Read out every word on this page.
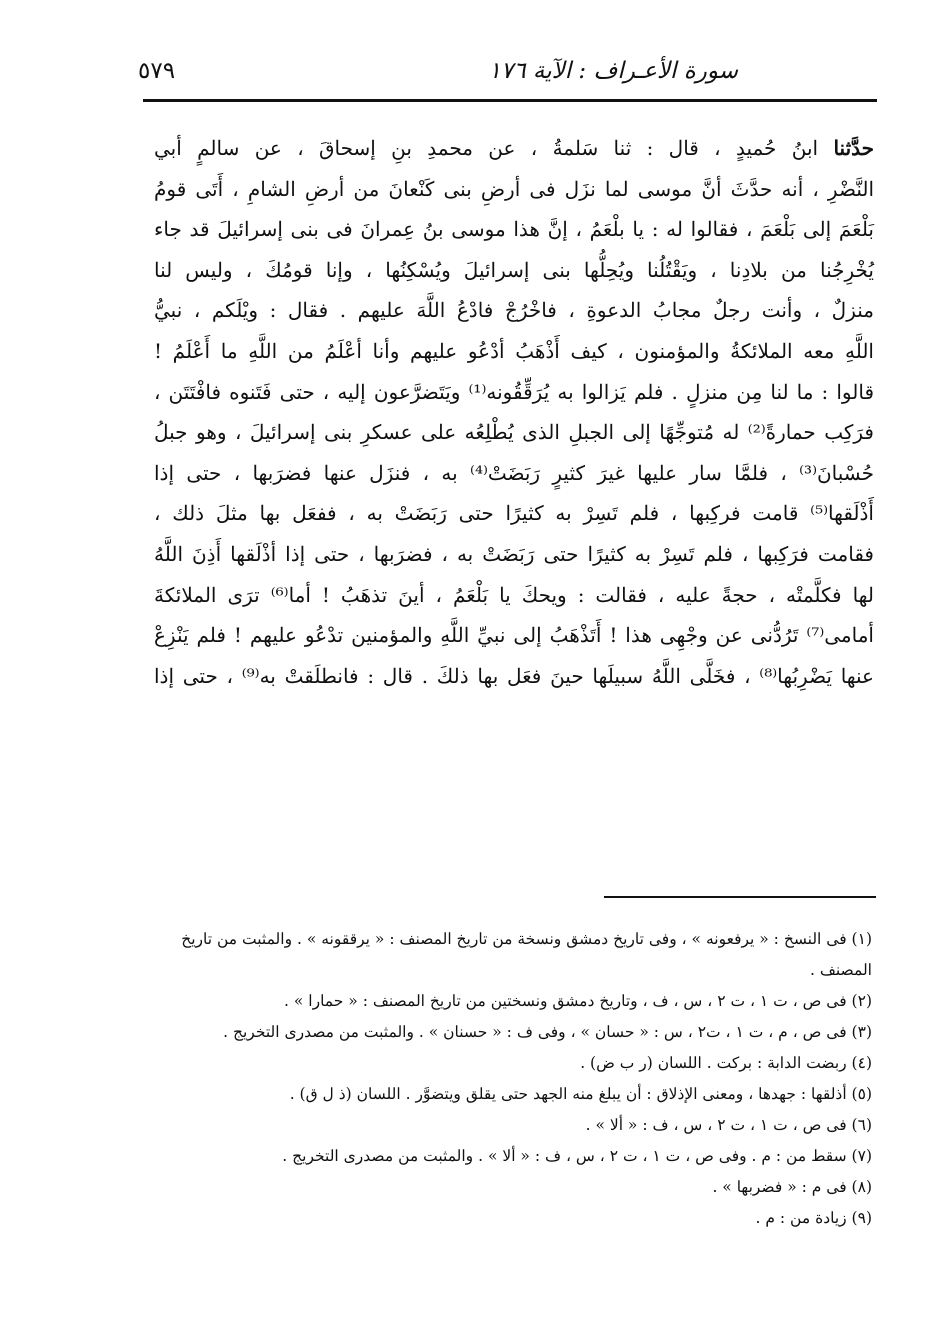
سورة الأعـراف : الآية ١٧٦
٥٧٩
حدَّثنا ابنُ حُميدٍ ، قال : ثنا سَلمةُ ، عن محمدِ بنِ إسحاقَ ، عن سالمٍ أبي
النَّضْرِ ، أنه حدَّثَ أنَّ موسى لما نزَل فى أرضِ بنى كَنْعانَ من أرضِ الشامِ ، أَتَى قومُ
بَلْعَمَ إلى بَلْعَمَ ، فقالوا له : يا بلْعَمُ ، إنَّ هذا موسى بنُ عِمرانَ فى بنى إسرائيلَ قد جاء
يُخْرِجُنا من بلادِنا ، ويَقْتُلُنا ويُحِلُّها بنى إسرائيلَ ويُسْكِنُها ، وإنا قومُكَ ، وليس لنا
منزلٌ ، وأنت رجلٌ مجابُ الدعوةِ ، فاخْرُجْ فادْعُ اللَّهَ عليهم . فقال : ويْلَكم ، نبيُّ
اللَّهِ معه الملائكةُ والمؤمنون ، كيف أَذْهَبُ أدْعُو عليهم وأنا أعْلَمُ من اللَّهِ ما أَعْلَمُ !
قالوا : ما لنا مِن منزلٍ . فلم يَزالوا به يُرَقِّقُونه⁽¹⁾ ويَتَضرَّعون إليه ، حتى فَتَنوه فافْتَتَن ،
فرَكِب حمارةً⁽²⁾ له مُتوجِّهًا إلى الجبلِ الذى يُطْلِعُه على عسكرِ بنى إسرائيلَ ، وهو جبلُ
حُسْبانَ⁽³⁾ ، فلمَّا سار عليها غيرَ كثيرٍ رَبَضَتْ⁽⁴⁾ به ، فنزَل عنها فضرَبها ، حتى إذا
أَذْلَقها⁽⁵⁾ قامت فركِبها ، فلم تَسِرْ به كثيرًا حتى رَبَضَتْ به ، ففعَل بها مثلَ ذلك ،
فقامت فرَكِبها ، فلم تَسِرْ به كثيرًا حتى رَبَضَتْ به ، فضرَبها ، حتى إذا أذْلَقها أَذِنَ اللَّهُ
لها فكلَّمتْه ، حجةً عليه ، فقالت : ويحكَ يا بَلْعَمُ ، أينَ تذهَبُ ! أما⁽⁶⁾ ترَى الملائكةَ
أمامى⁽⁷⁾ تَرُدُّنى عن وجْهِى هذا ! أَتَذْهَبُ إلى نبيِّ اللَّهِ والمؤمنين تدْعُو عليهم ! فلم يَنْزِعْ
عنها يَضْرِبُها⁽⁸⁾ ، فخَلَّى اللَّهُ سبيلَها حينَ فعَل بها ذلكَ . قال : فانطلَقتْ به⁽⁹⁾ ، حتى إذا
(١) فى النسخ : « يرفعونه » ، وفى تاريخ دمشق ونسخة من تاريخ المصنف : « يرققونه » . والمثبت من تاريخ المصنف .
(٢) فى ص ، ت ١ ، ت ٢ ، س ، ف ، وتاريخ دمشق ونسختين من تاريخ المصنف : « حمارا » .
(٣) فى ص ، م ، ت ١ ، ت٢ ، س : « حسان » ، وفى ف : « حسنان » . والمثبت من مصدرى التخريج .
(٤) ربضت الدابة : بركت . اللسان (ر ب ض) .
(٥) أذلقها : جهدها ، ومعنى الإذلاق : أن يبلغ منه الجهد حتى يقلق ويتضوَّر . اللسان (ذ ل ق) .
(٦) فى ص ، ت ١ ، ت ٢ ، س ، ف : « ألا » .
(٧) سقط من : م . وفى ص ، ت ١ ، ت ٢ ، س ، ف : « ألا » . والمثبت من مصدرى التخريج .
(٨) فى م : « فضربها » .
(٩) زيادة من : م .
